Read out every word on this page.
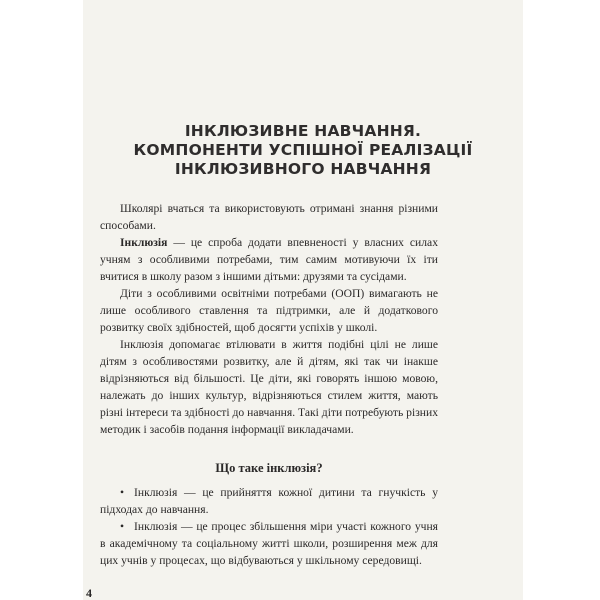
ІНКЛЮЗИВНЕ НАВЧАННЯ.
КОМПОНЕНТИ УСПІШНОЇ РЕАЛІЗАЦІЇ
ІНКЛЮЗИВНОГО НАВЧАННЯ

Школярі вчаться та використовують отримані знання різними способами.

Інклюзія — це спроба додати впевненості у власних силах учням з особливими потребами, тим самим мотивуючи їх іти вчитися в школу разом з іншими дітьми: друзями та сусідами.

Діти з особливими освітніми потребами (ООП) вимагають не лише особливого ставлення та підтримки, але й додаткового розвитку своїх здібностей, щоб досягти успіхів у школі.

Інклюзія допомагає втілювати в життя подібні цілі не лише дітям з особливостями розвитку, але й дітям, які так чи інакше відрізняються від більшості. Це діти, які говорять іншою мовою, належать до інших культур, відрізняються стилем життя, мають різні інтереси та здібності до навчання. Такі діти потребують різних методик і засобів подання інформації викладачами.

Що таке інклюзія?

• Інклюзія — це прийняття кожної дитини та гнучкість у підходах до навчання.

• Інклюзія — це процес збільшення міри участі кожного учня в академічному та соціальному житті школи, розширення меж для цих учнів у процесах, що відбуваються у шкільному середовищі.

4
